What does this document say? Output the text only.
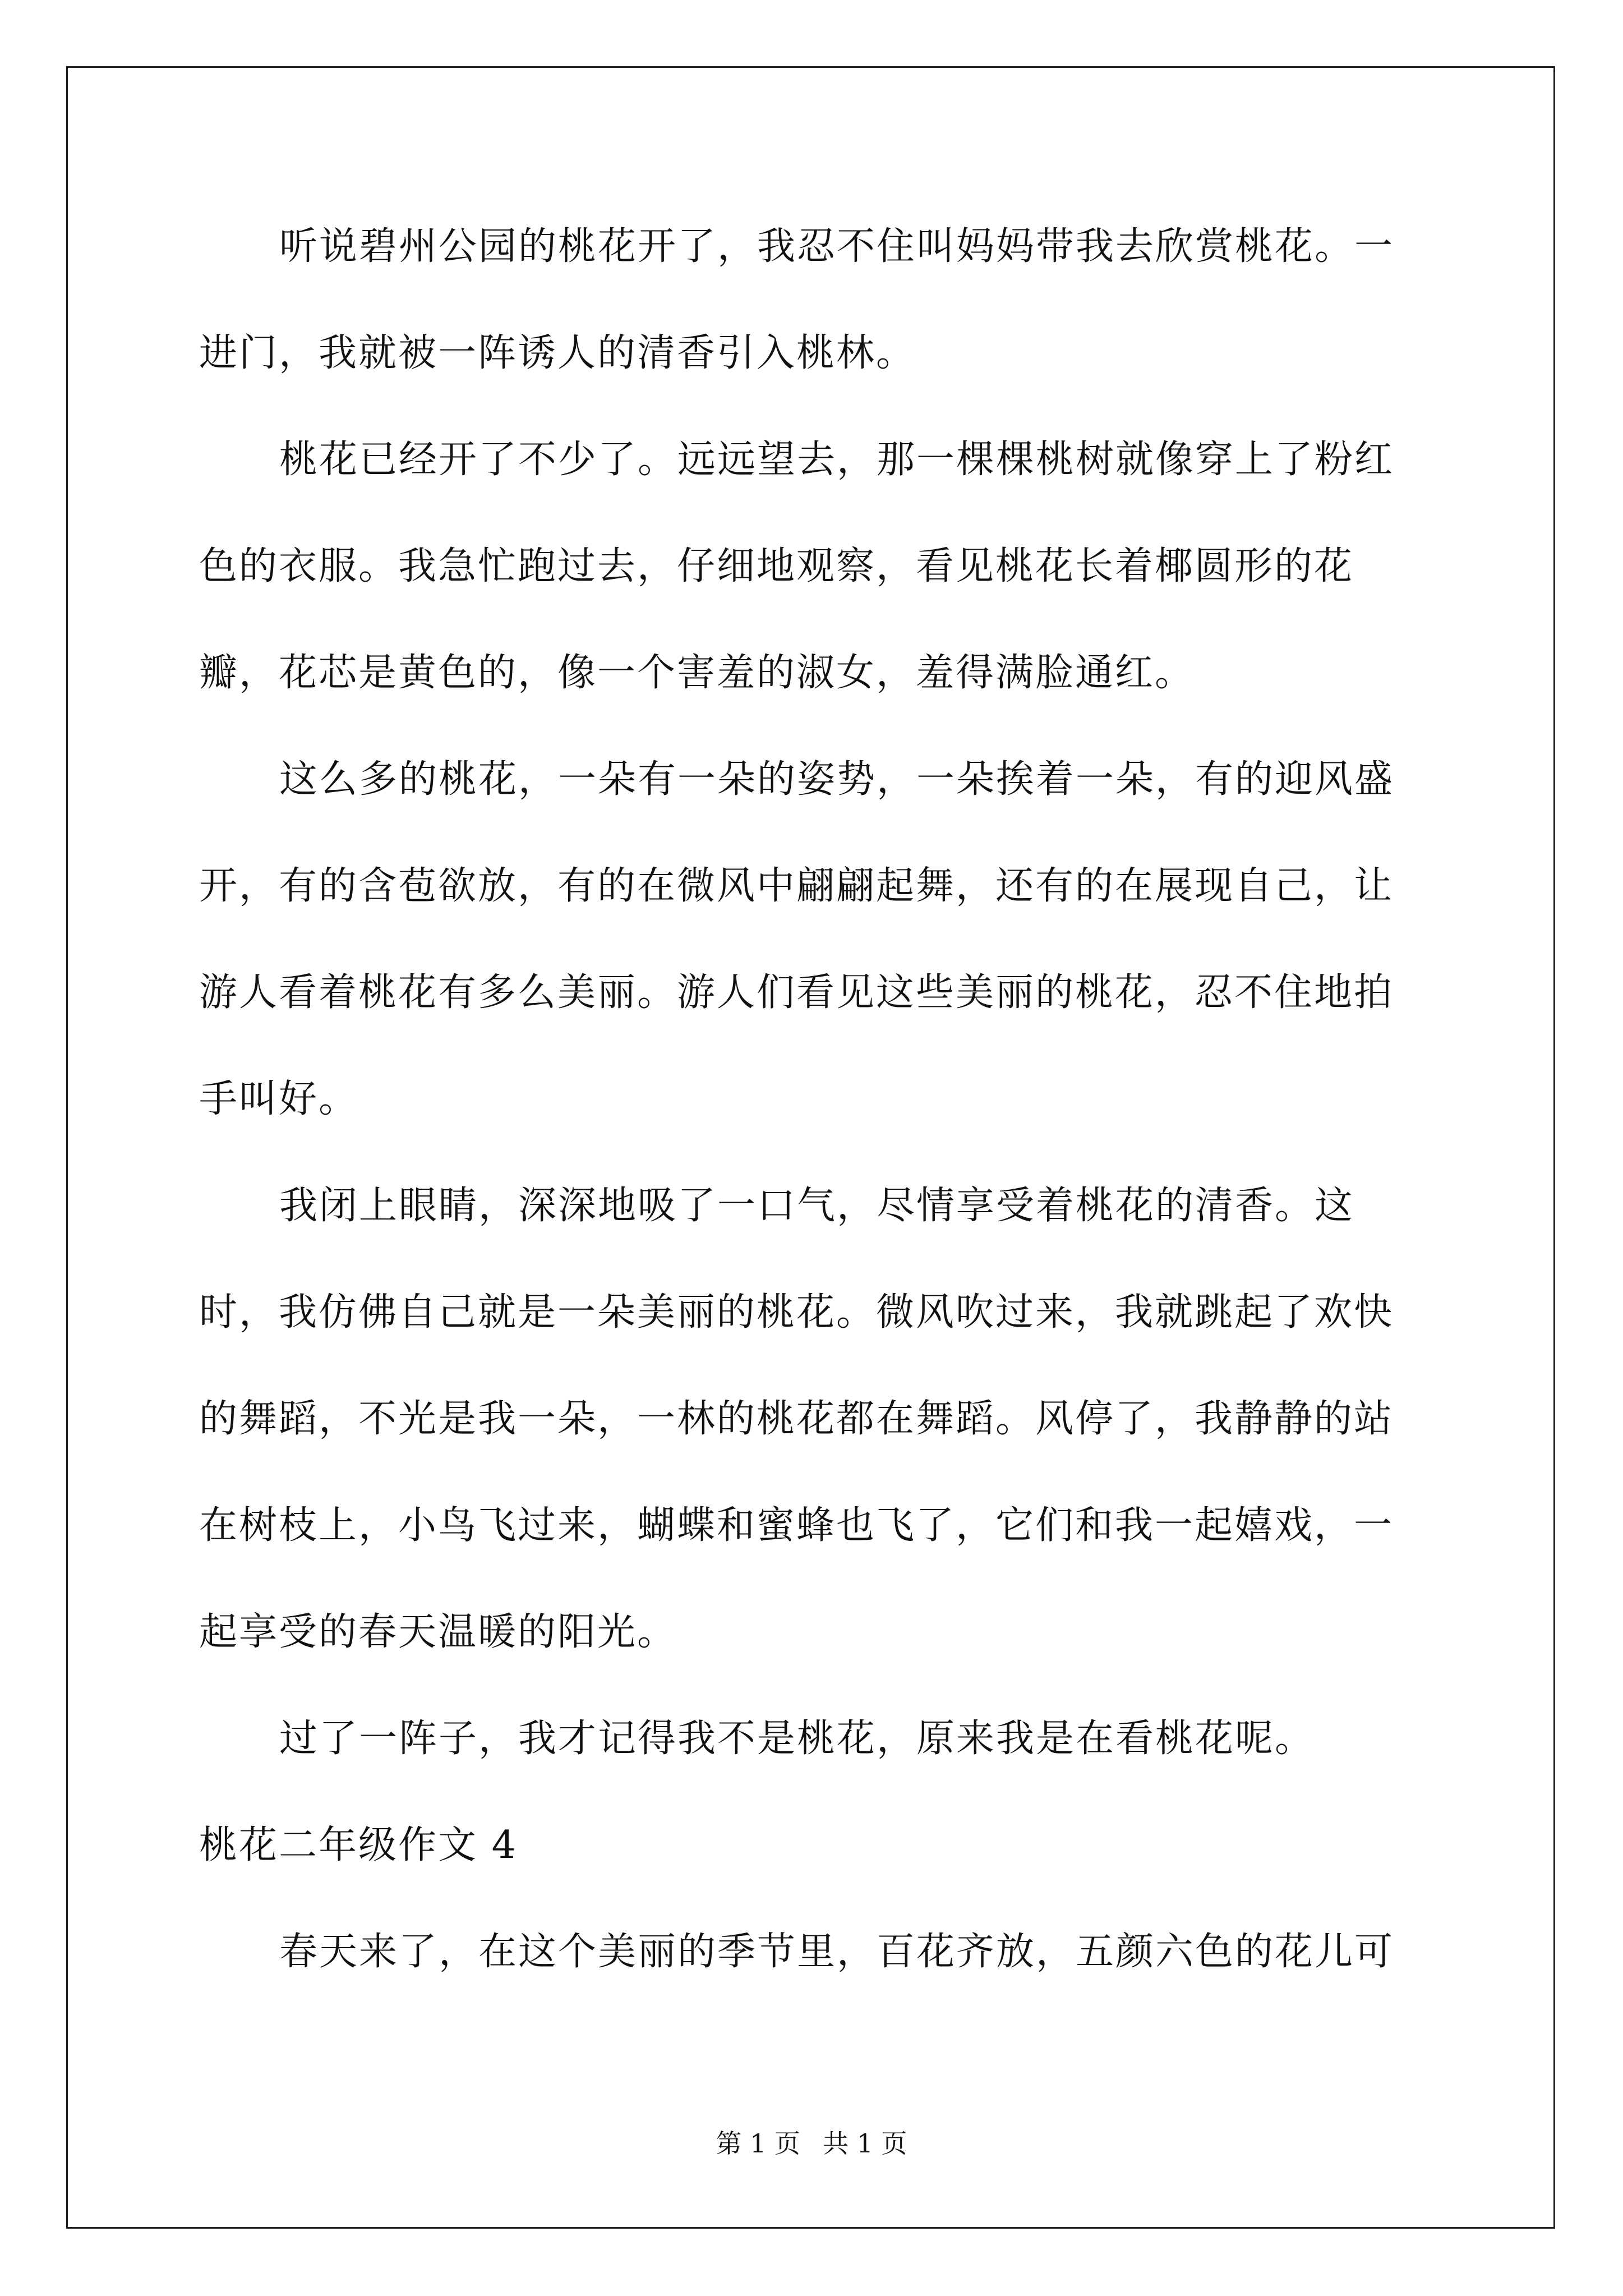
听说碧州公园的桃花开了，我忍不住叫妈妈带我去欣赏桃花。一进门，我就被一阵诱人的清香引入桃林。

桃花已经开了不少了。远远望去，那一棵棵桃树就像穿上了粉红色的衣服。我急忙跑过去，仔细地观察，看见桃花长着椰圆形的花瓣，花芯是黄色的，像一个害羞的淑女，羞得满脸通红。

这么多的桃花，一朵有一朵的姿势，一朵挨着一朵，有的迎风盛开，有的含苞欲放，有的在微风中翩翩起舞，还有的在展现自己，让游人看着桃花有多么美丽。游人们看见这些美丽的桃花，忍不住地拍手叫好。

我闭上眼睛，深深地吸了一口气，尽情享受着桃花的清香。这时，我仿佛自己就是一朵美丽的桃花。微风吹过来，我就跳起了欢快的舞蹈，不光是我一朵，一林的桃花都在舞蹈。风停了，我静静的站在树枝上，小鸟飞过来，蝴蝶和蜜蜂也飞了，它们和我一起嬉戏，一起享受的春天温暖的阳光。

过了一阵子，我才记得我不是桃花，原来我是在看桃花呢。

桃花二年级作文 4

春天来了，在这个美丽的季节里，百花齐放，五颜六色的花儿可

第 1 页 共 1 页
